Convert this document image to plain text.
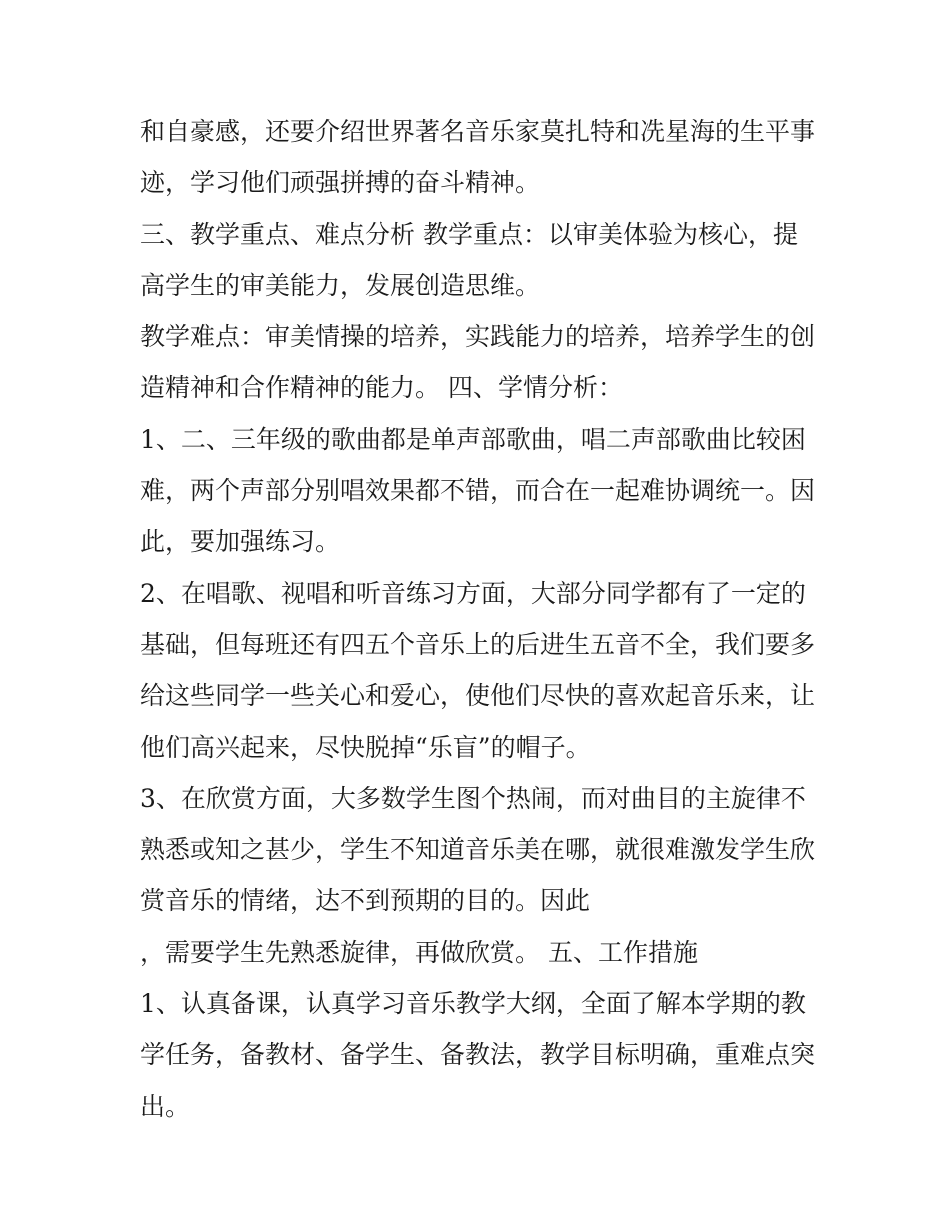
和自豪感，还要介绍世界著名音乐家莫扎特和冼星海的生平事
迹，学习他们顽强拼搏的奋斗精神。
三、教学重点、难点分析 教学重点：以审美体验为核心，提
高学生的审美能力，发展创造思维。
教学难点：审美情操的培养，实践能力的培养，培养学生的创
造精神和合作精神的能力。 四、学情分析：
1、二、三年级的歌曲都是单声部歌曲，唱二声部歌曲比较困
难，两个声部分别唱效果都不错，而合在一起难协调统一。因
此，要加强练习。
2、在唱歌、视唱和听音练习方面，大部分同学都有了一定的
基础，但每班还有四五个音乐上的后进生五音不全，我们要多
给这些同学一些关心和爱心，使他们尽快的喜欢起音乐来，让
他们高兴起来，尽快脱掉“乐盲”的帽子。
3、在欣赏方面，大多数学生图个热闹，而对曲目的主旋律不
熟悉或知之甚少，学生不知道音乐美在哪，就很难激发学生欣
赏音乐的情绪，达不到预期的目的。因此
，需要学生先熟悉旋律，再做欣赏。 五、工作措施
1、认真备课，认真学习音乐教学大纲，全面了解本学期的教
学任务，备教材、备学生、备教法，教学目标明确，重难点突
出。
